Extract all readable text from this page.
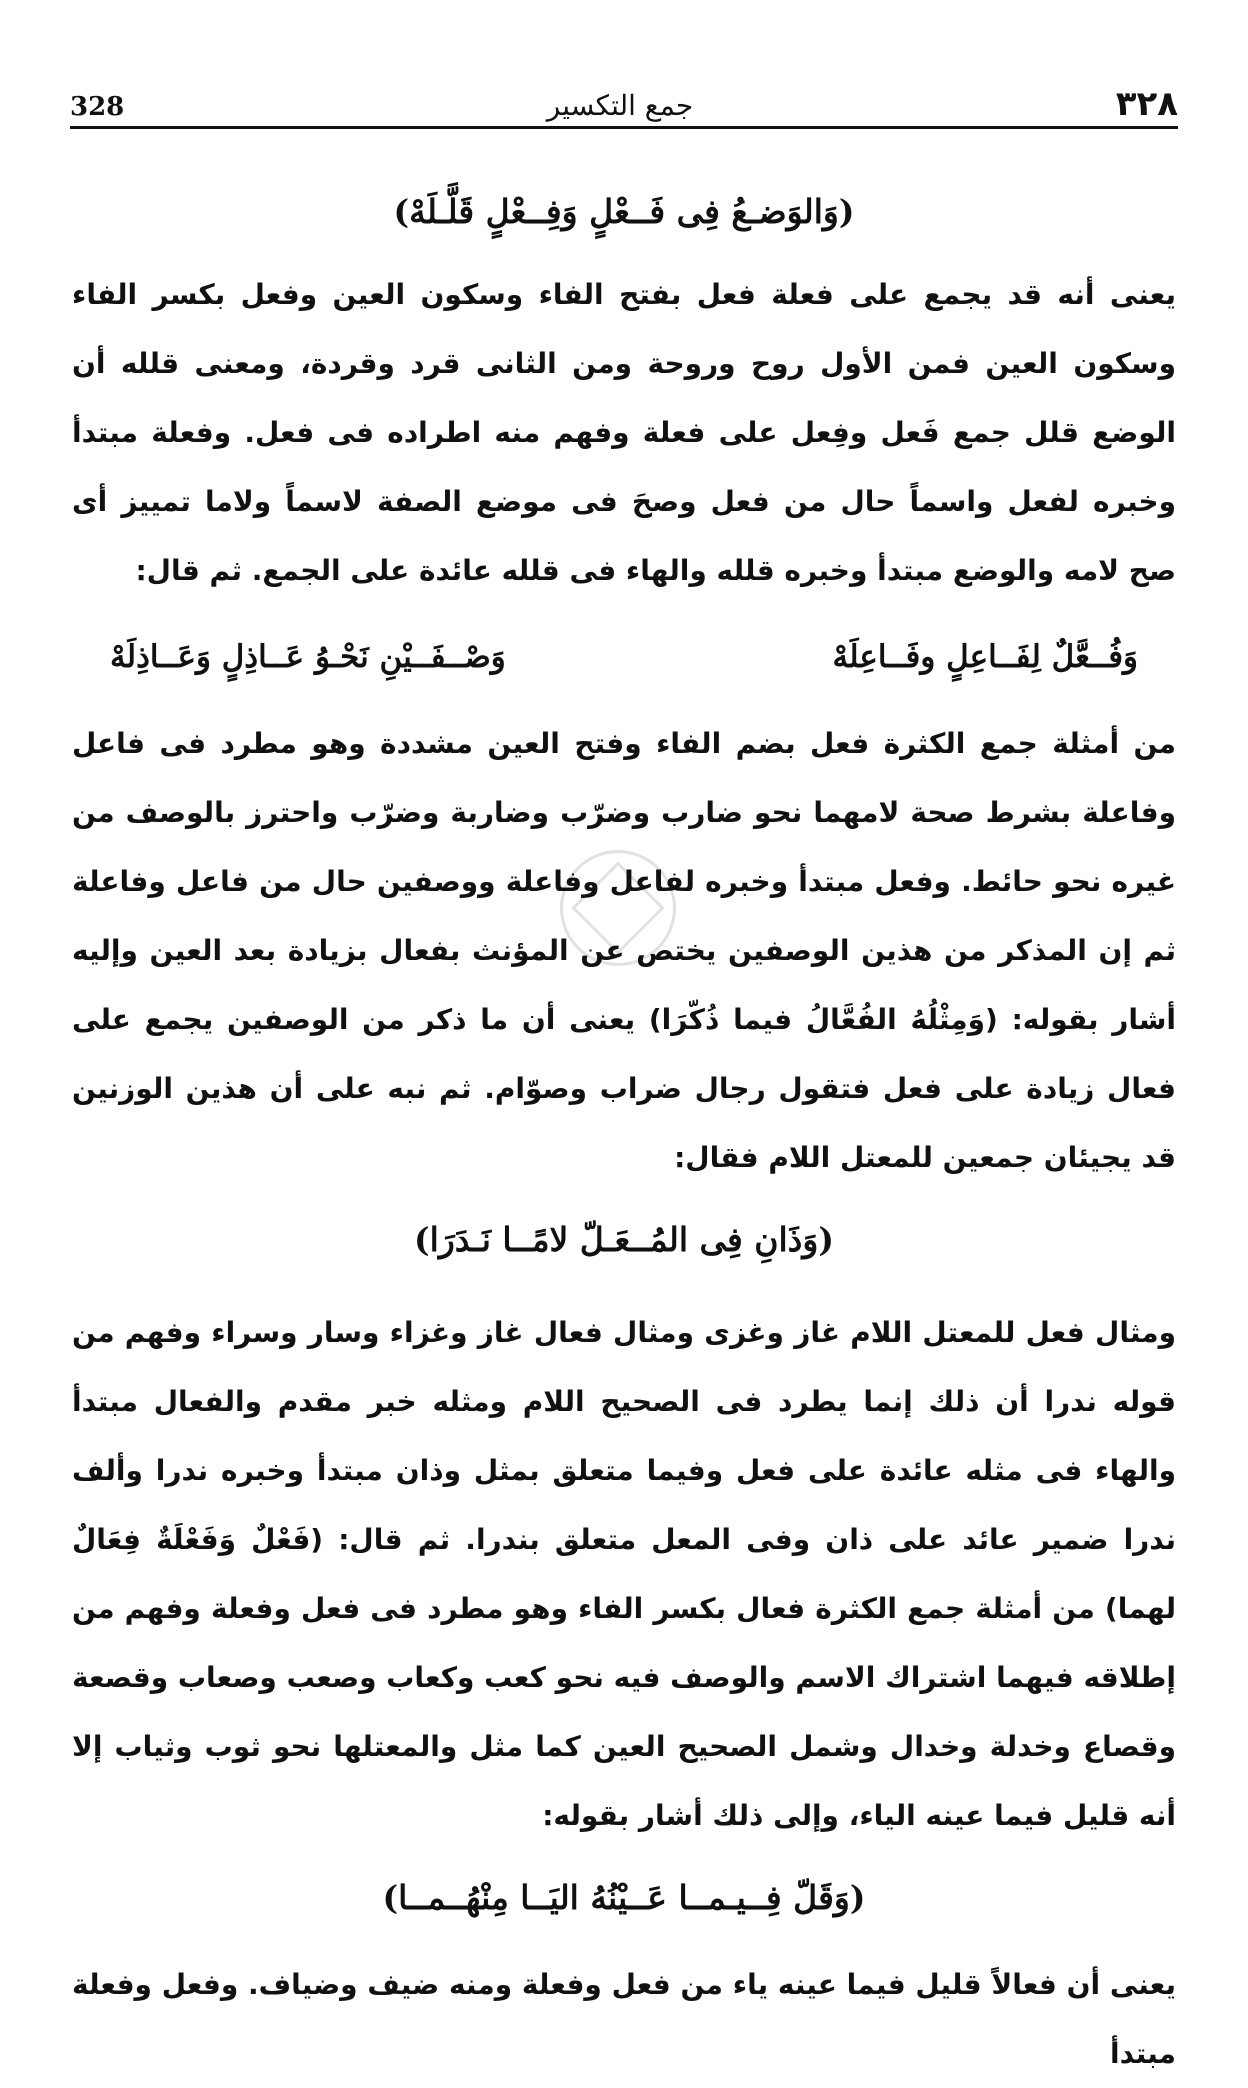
328	جمع التكسير	٣٢٨

(وَالوَضـعُ فِى فَــعْلٍ وَفِــعْلٍ قَلَّـلَهْ)

يعنى أنه قد يجمع على فعلة فعل بفتح الفاء وسكون العين وفعل بكسر الفاء وسكون العين فمن الأول روح وروحة ومن الثانى قرد وقردة، ومعنى قلله أن الوضع قلل جمع فَعل وفِعل على فعلة وفهم منه اطراده فى فعل. وفعلة مبتدأ وخبره لفعل واسماً حال من فعل وصحَ فى موضع الصفة لاسماً ولاما تمييز أى صح لامه والوضع مبتدأ وخبره قلله والهاء فى قلله عائدة على الجمع. ثم قال:

وَفُــعَّلٌ لِفَــاعِلٍ وفَــاعِلَهْ
وَصْــفَــيْنِ نَحْـوُ عَــاذِلٍ وَعَــاذِلَهْ

من أمثلة جمع الكثرة فعل بضم الفاء وفتح العين مشددة وهو مطرد فى فاعل وفاعلة بشرط صحة لامهما نحو ضارب وضرّب وضاربة وضرّب واحترز بالوصف من غيره نحو حائط. وفعل مبتدأ وخبره لفاعل وفاعلة ووصفين حال من فاعل وفاعلة ثم إن المذكر من هذين الوصفين يختص عن المؤنث بفعال بزيادة بعد العين وإليه أشار بقوله: (وَمِثْلُهُ الفُعَّالُ فيما ذُكّرَا) يعنى أن ما ذكر من الوصفين يجمع على فعال زيادة على فعل فتقول رجال ضراب وصوّام. ثم نبه على أن هذين الوزنين قد يجيئان جمعين للمعتل اللام فقال:

(وَذَانِ فِى المُــعَـلّ لامًــا نَـدَرَا)

ومثال فعل للمعتل اللام غاز وغزى ومثال فعال غاز وغزاء وسار وسراء وفهم من قوله ندرا أن ذلك إنما يطرد فى الصحيح اللام ومثله خبر مقدم والفعال مبتدأ والهاء فى مثله عائدة على فعل وفيما متعلق بمثل وذان مبتدأ وخبره ندرا وألف ندرا ضمير عائد على ذان وفى المعل متعلق بندرا. ثم قال: (فَعْلٌ وَفَعْلَةٌ فِعَالٌ لهما) من أمثلة جمع الكثرة فعال بكسر الفاء وهو مطرد فى فعل وفعلة وفهم من إطلاقه فيهما اشتراك الاسم والوصف فيه نحو كعب وكعاب وصعب وصعاب وقصعة وقصاع وخدلة وخدال وشمل الصحيح العين كما مثل والمعتلها نحو ثوب وثياب إلا أنه قليل فيما عينه الياء، وإلى ذلك أشار بقوله:

(وَقَلّ فِــيـمــا عَــيْنُهُ اليَــا مِنْهُــمــا)

يعنى أن فعالاً قليل فيما عينه ياء من فعل وفعلة ومنه ضيف وضياف. وفعل وفعلة مبتدأ
